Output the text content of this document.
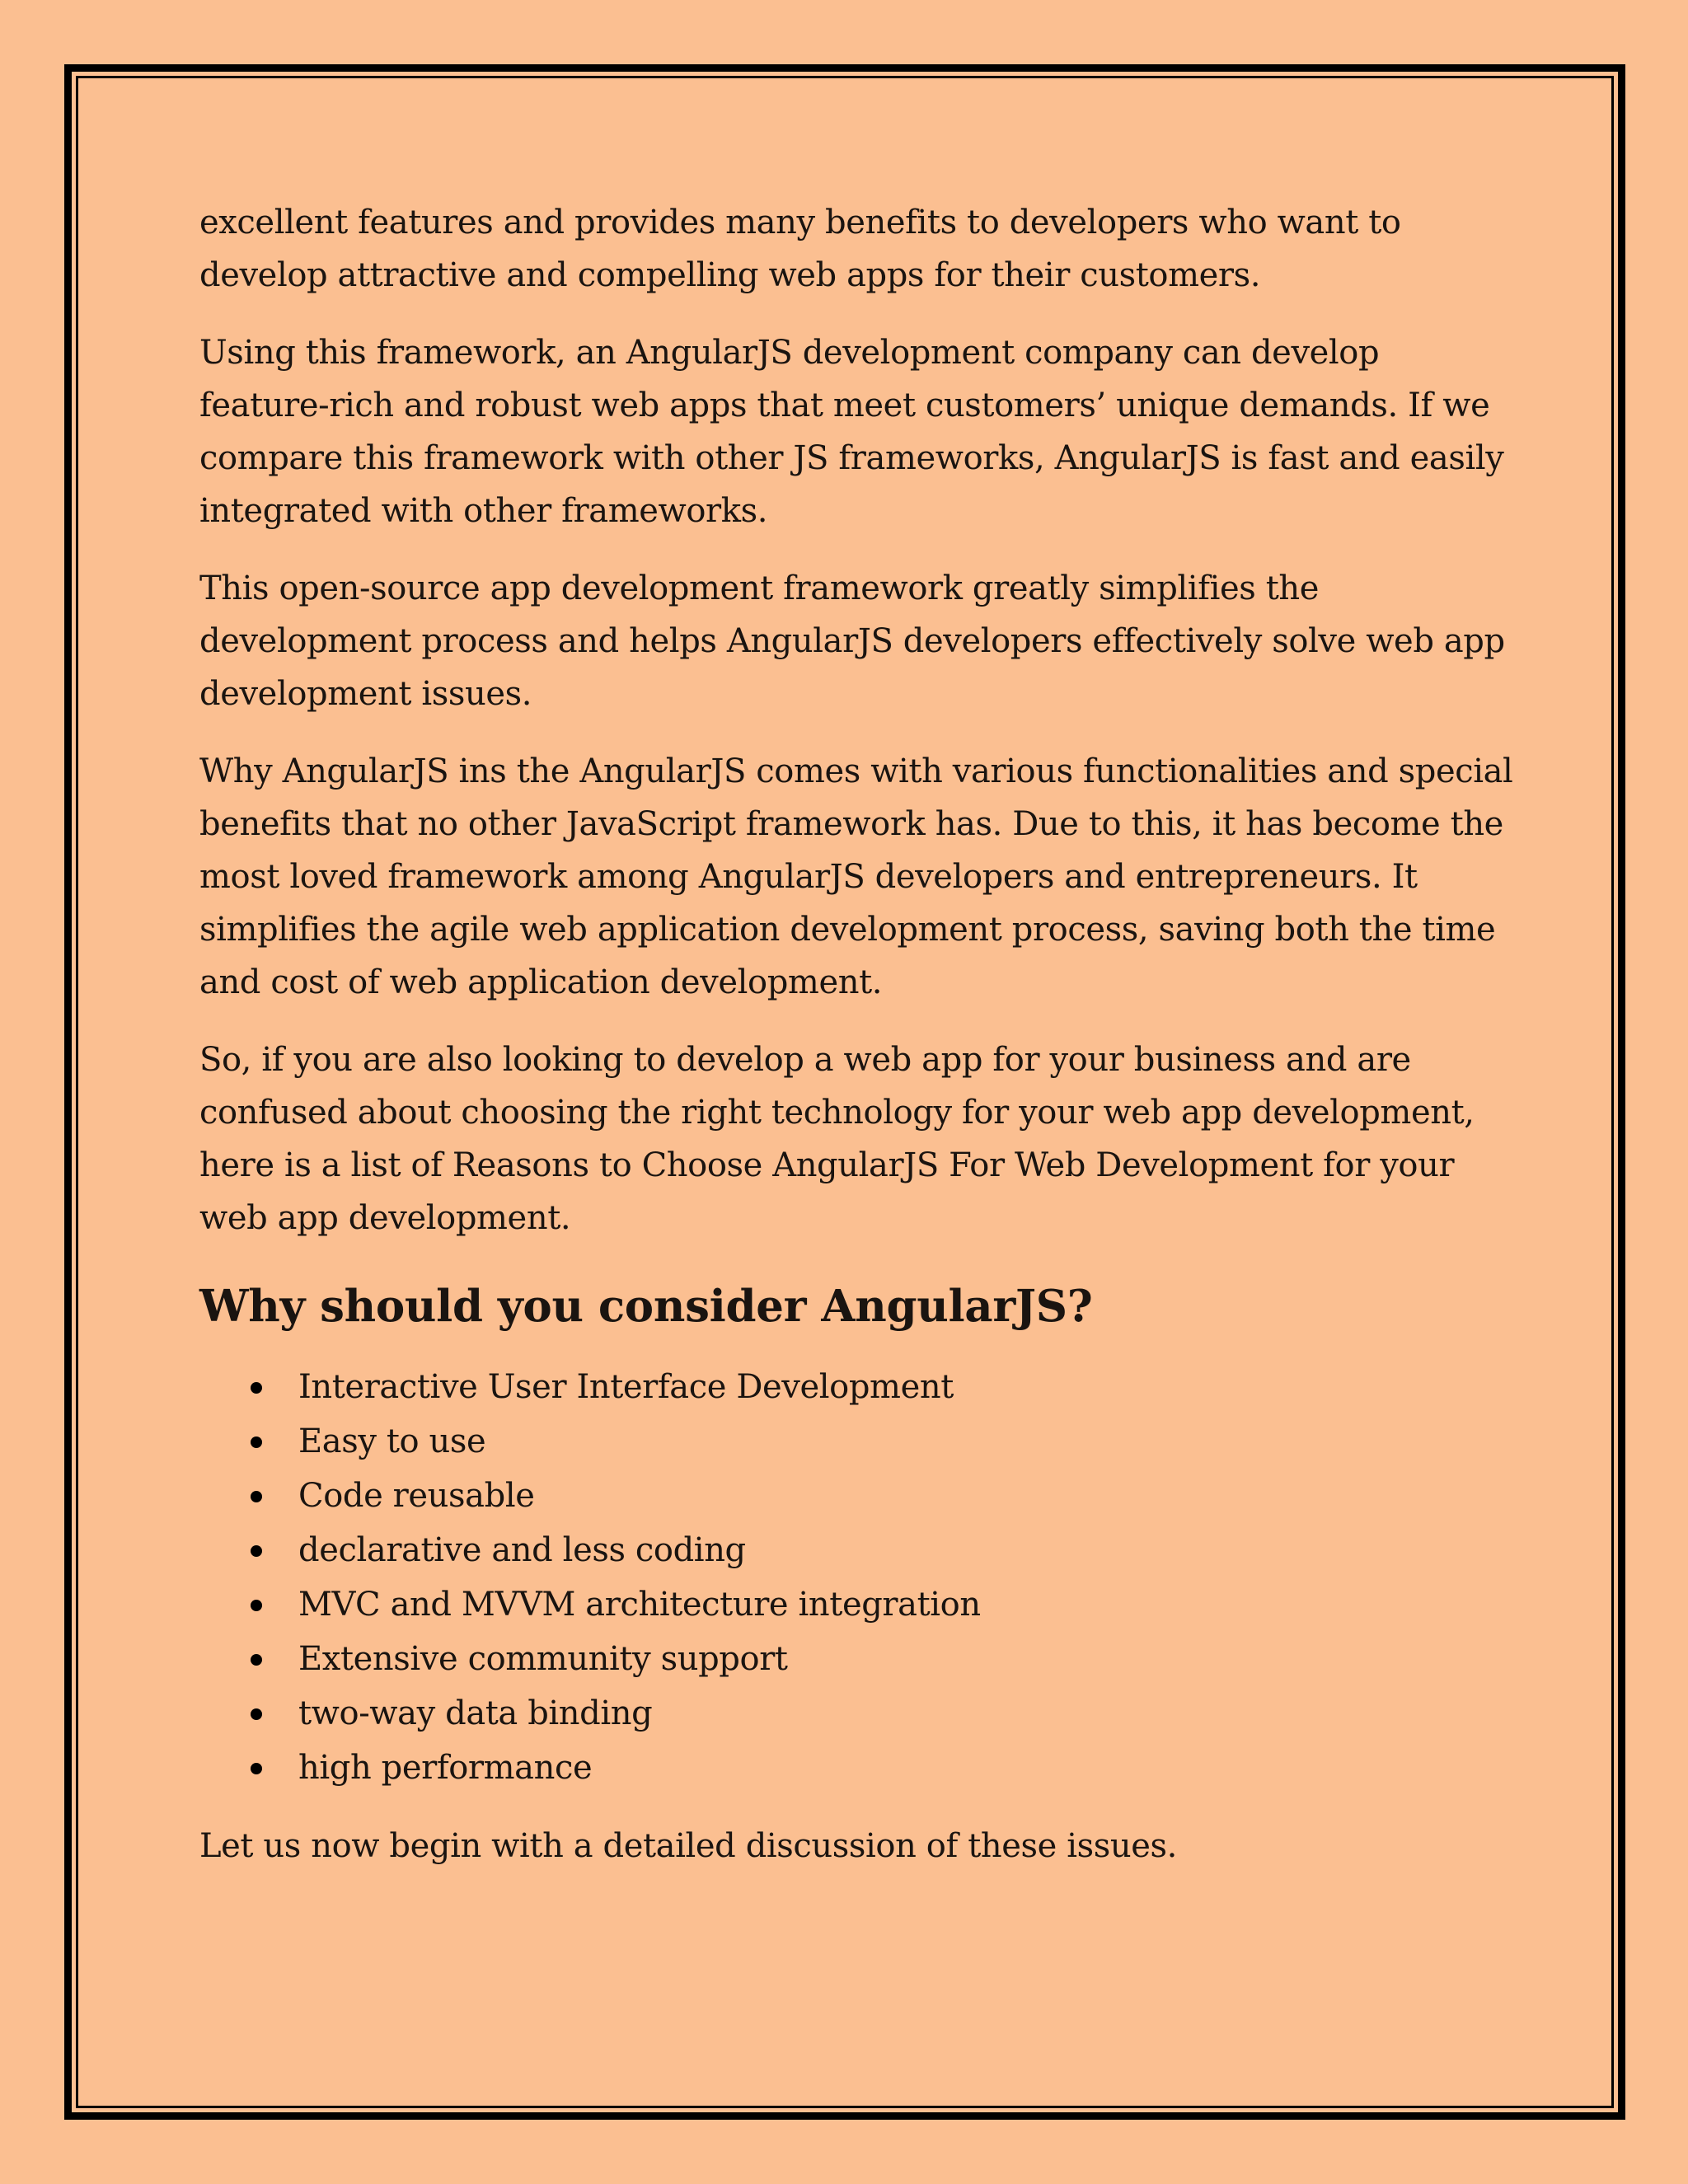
excellent features and provides many benefits to developers who want to develop attractive and compelling web apps for their customers.

Using this framework, an AngularJS development company can develop feature-rich and robust web apps that meet customers’ unique demands. If we compare this framework with other JS frameworks, AngularJS is fast and easily integrated with other frameworks.

This open-source app development framework greatly simplifies the development process and helps AngularJS developers effectively solve web app development issues.

Why AngularJS ins the AngularJS comes with various functionalities and special benefits that no other JavaScript framework has. Due to this, it has become the most loved framework among AngularJS developers and entrepreneurs. It simplifies the agile web application development process, saving both the time and cost of web application development.

So, if you are also looking to develop a web app for your business and are confused about choosing the right technology for your web app development, here is a list of Reasons to Choose AngularJS For Web Development for your web app development.

Why should you consider AngularJS?
Interactive User Interface Development
Easy to use
Code reusable
declarative and less coding
MVC and MVVM architecture integration
Extensive community support
two-way data binding
high performance

Let us now begin with a detailed discussion of these issues.
